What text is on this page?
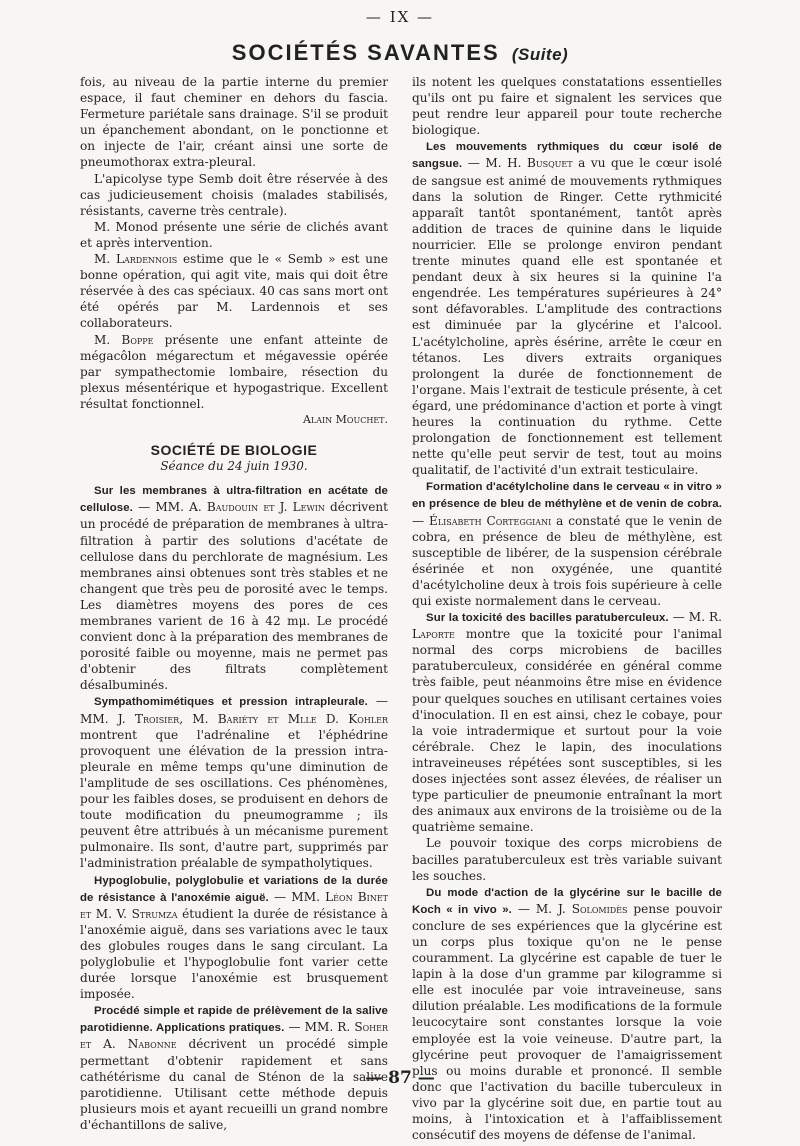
— IX —
SOCIÉTÉS SAVANTES (Suite)

fois, au niveau de la partie interne du premier espace, il faut cheminer en dehors du fascia. Fermeture pariétale sans drainage. S'il se produit un épanchement abondant, on le ponctionne et on injecte de l'air, créant ainsi une sorte de pneumothorax extra-pleural.

L'apicolyse type Semb doit être réservée à des cas judicieusement choisis (malades stabilisés, résistants, caverne très centrale).

M. Monod présente une série de clichés avant et après intervention.

M. Lardennois estime que le « Semb » est une bonne opération, qui agit vite, mais qui doit être réservée à des cas spéciaux. 40 cas sans mort ont été opérés par M. Lardennois et ses collaborateurs.

M. Boppe présente une enfant atteinte de mégacôlon mégarectum et mégavessie opérée par sympathectomie lombaire, résection du plexus mésentérique et hypogastrique. Excellent résultat fonctionnel.

Alain Mouchet.

SOCIÉTÉ DE BIOLOGIE
Séance du 24 juin 1930.

Sur les membranes à ultra-filtration en acétate de cellulose. — MM. A. Baudouin et J. Lewin décrivent un procédé de préparation de membranes à ultra-filtration à partir des solutions d'acétate de cellulose dans du perchlorate de magnésium. Les membranes ainsi obtenues sont très stables et ne changent que très peu de porosité avec le temps. Les diamètres moyens des pores de ces membranes varient de 16 à 42 mμ. Le procédé convient donc à la préparation des membranes de porosité faible ou moyenne, mais ne permet pas d'obtenir des filtrats complètement désalbuminés.

Sympathomimétiques et pression intrapleurale. — MM. J. Troisier, M. Bariéty et Mlle D. Kohler montrent que l'adrénaline et l'éphédrine provoquent une élévation de la pression intra-pleurale en même temps qu'une diminution de l'amplitude de ses oscillations. Ces phénomènes, pour les faibles doses, se produisent en dehors de toute modification du pneumogramme ; ils peuvent être attribués à un mécanisme purement pulmonaire. Ils sont, d'autre part, supprimés par l'administration préalable de sympatholytiques.

Hypoglobulie, polyglobulie et variations de la durée de résistance à l'anoxémie aiguë. — MM. Léon Binet et M. V. Strumza étudient la durée de résistance à l'anoxémie aiguë, dans ses variations avec le taux des globules rouges dans le sang circulant. La polyglobulie et l'hypoglobulie font varier cette durée lorsque l'anoxémie est brusquement imposée.

Procédé simple et rapide de prélèvement de la salive parotidienne. Applications pratiques. — MM. R. Soher et A. Nabonne décrivent un procédé simple permettant d'obtenir rapidement et sans cathétérisme du canal de Sténon de la salive parotidienne. Utilisant cette méthode depuis plusieurs mois et ayant recueilli un grand nombre d'échantillons de salive,

ils notent les quelques constatations essentielles qu'ils ont pu faire et signalent les services que peut rendre leur appareil pour toute recherche biologique.

Les mouvements rythmiques du cœur isolé de sangsue. — M. H. Busquet a vu que le cœur isolé de sangsue est animé de mouvements rythmiques dans la solution de Ringer. Cette rythmicité apparaît tantôt spontanément, tantôt après addition de traces de quinine dans le liquide nourricier. Elle se prolonge environ pendant trente minutes quand elle est spontanée et pendant deux à six heures si la quinine l'a engendrée. Les températures supérieures à 24° sont défavorables. L'amplitude des contractions est diminuée par la glycérine et l'alcool. L'acétylcholine, après ésérine, arrête le cœur en tétanos. Les divers extraits organiques prolongent la durée de fonctionnement de l'organe. Mais l'extrait de testicule présente, à cet égard, une prédominance d'action et porte à vingt heures la continuation du rythme. Cette prolongation de fonctionnement est tellement nette qu'elle peut servir de test, tout au moins qualitatif, de l'activité d'un extrait testiculaire.

Formation d'acétylcholine dans le cerveau « in vitro » en présence de bleu de méthylène et de venin de cobra. — Élisabeth Corteggiani a constaté que le venin de cobra, en présence de bleu de méthylène, est susceptible de libérer, de la suspension cérébrale ésérinée et non oxygénée, une quantité d'acétylcholine deux à trois fois supérieure à celle qui existe normalement dans le cerveau.

Sur la toxicité des bacilles paratuberculeux. — M. R. Laporte montre que la toxicité pour l'animal normal des corps microbiens de bacilles paratuberculeux, considérée en général comme très faible, peut néanmoins être mise en évidence pour quelques souches en utilisant certaines voies d'inoculation. Il en est ainsi, chez le cobaye, pour la voie intradermique et surtout pour la voie cérébrale. Chez le lapin, des inoculations intraveineuses répétées sont susceptibles, si les doses injectées sont assez élevées, de réaliser un type particulier de pneumonie entraînant la mort des animaux aux environs de la troisième ou de la quatrième semaine.

Le pouvoir toxique des corps microbiens de bacilles paratuberculeux est très variable suivant les souches.

Du mode d'action de la glycérine sur le bacille de Koch « in vivo ». — M. J. Solomidès pense pouvoir conclure de ses expériences que la glycérine est un corps plus toxique qu'on ne le pense couramment. La glycérine est capable de tuer le lapin à la dose d'un gramme par kilogramme si elle est inoculée par voie intraveineuse, sans dilution préalable. Les modifications de la formule leucocytaire sont constantes lorsque la voie employée est la voie veineuse. D'autre part, la glycérine peut provoquer de l'amaigrissement plus ou moins durable et prononcé. Il semble donc que l'activation du bacille tuberculeux in vivo par la glycérine soit due, en partie tout au moins, à l'intoxication et à l'affaiblissement consécutif des moyens de défense de l'animal.

— 87 —
